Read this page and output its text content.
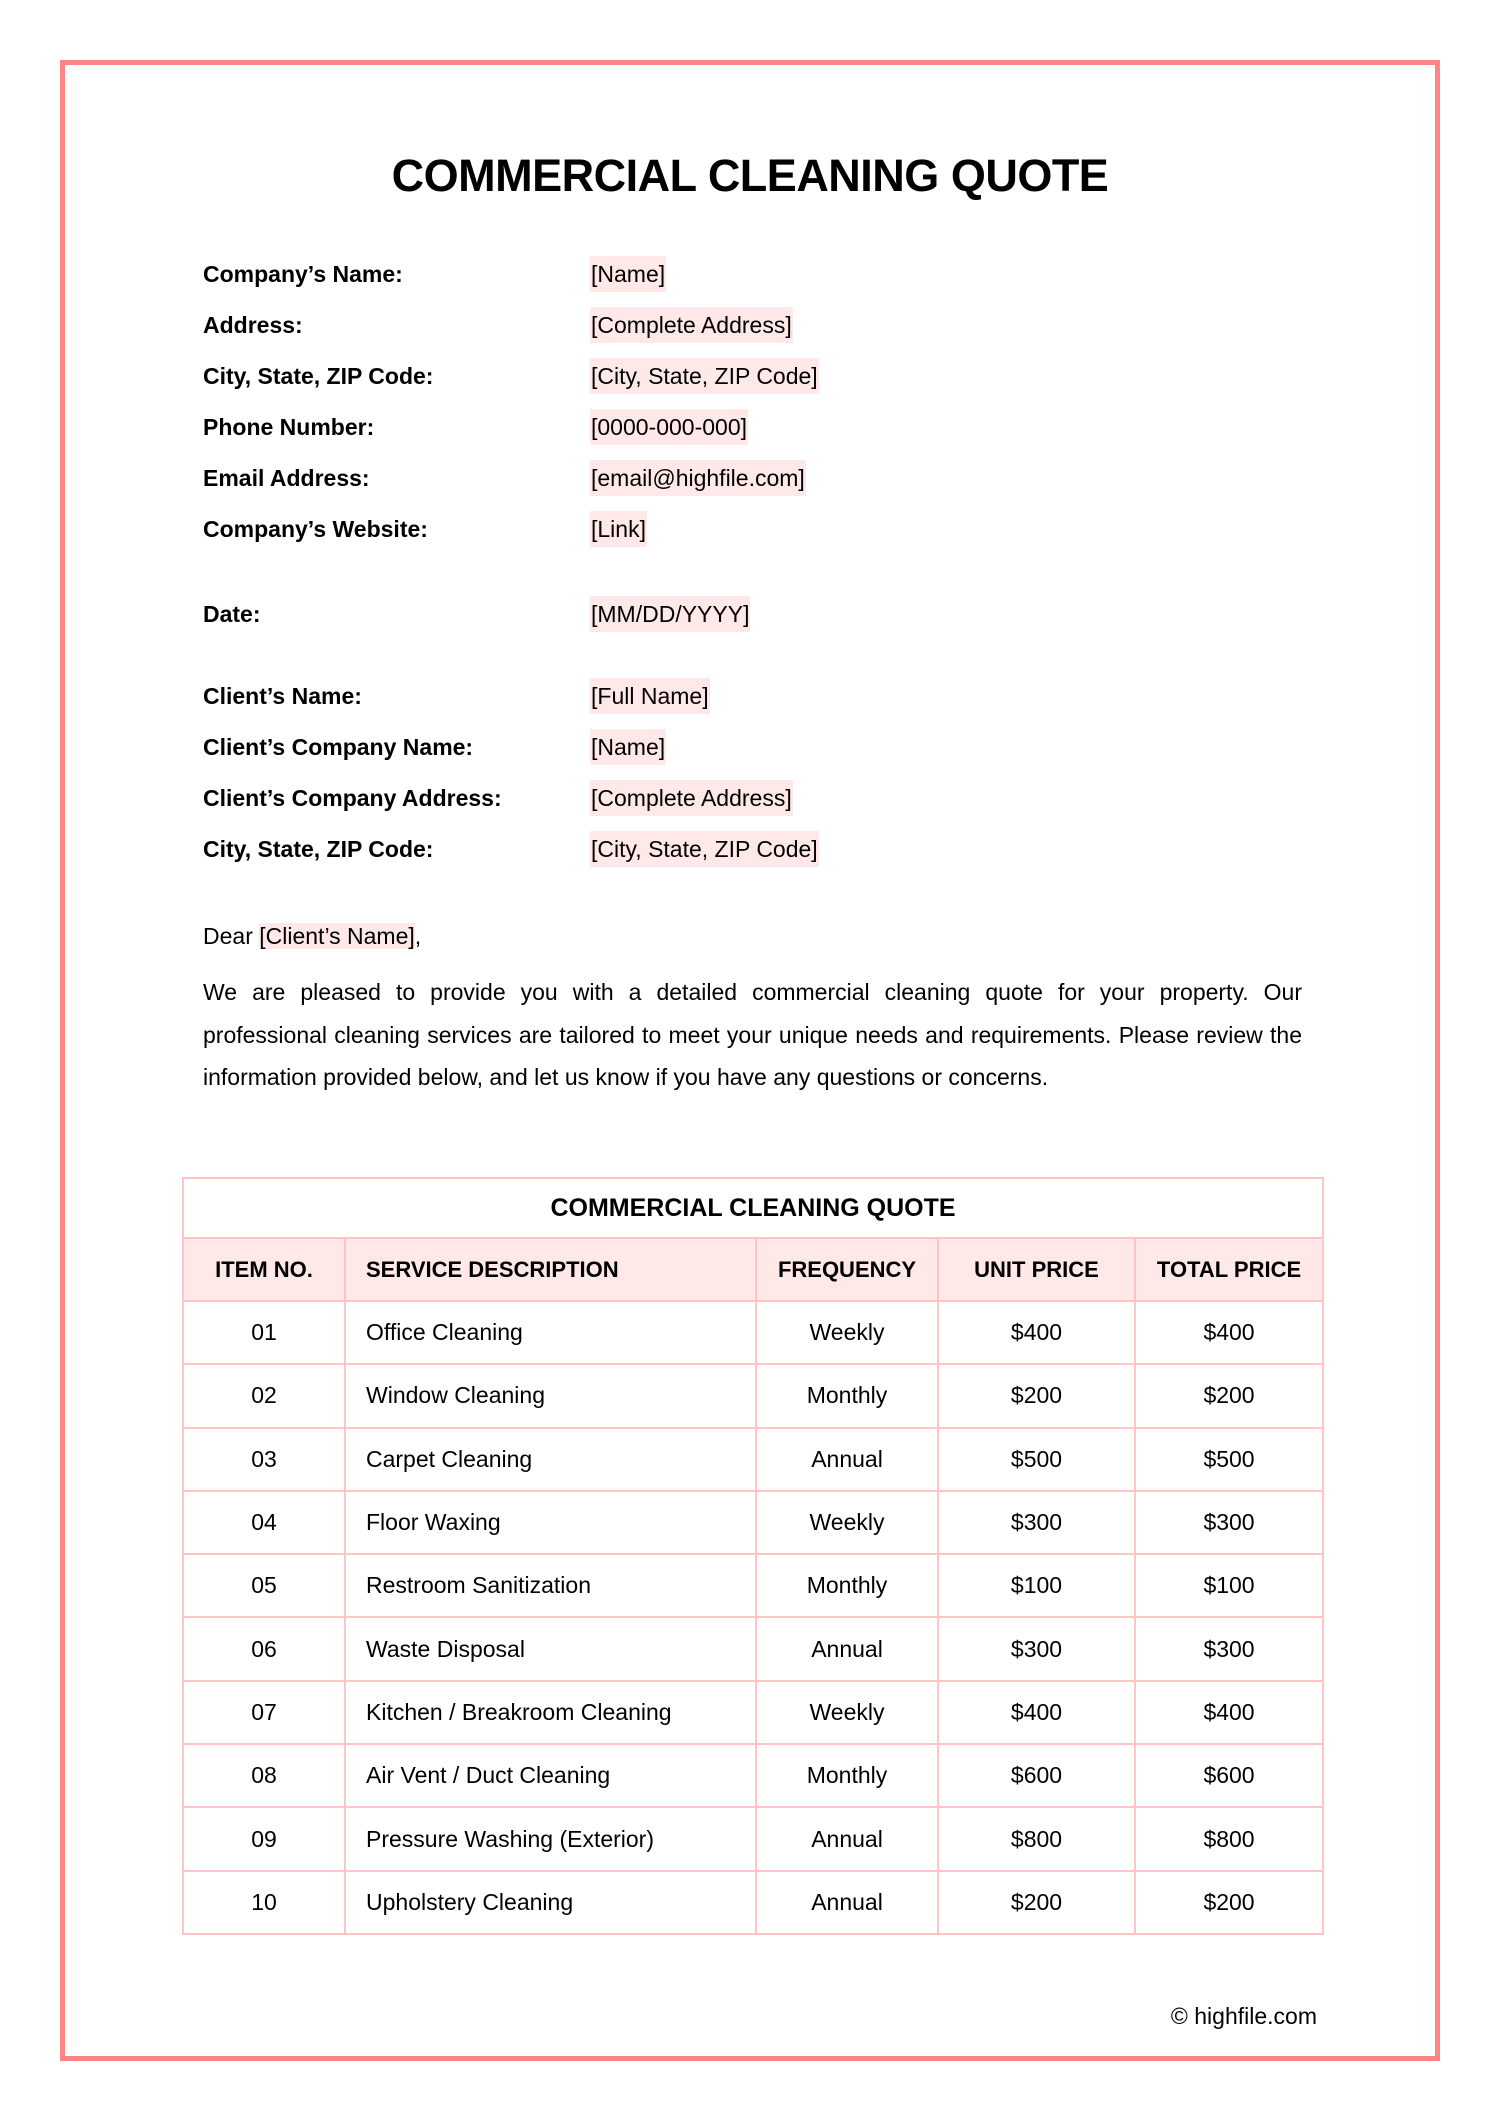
COMMERCIAL CLEANING QUOTE
Company’s Name:	[Name]
Address:	[Complete Address]
City, State, ZIP Code:	[City, State, ZIP Code]
Phone Number:	[0000-000-000]
Email Address:	[email@highfile.com]
Company’s Website:	[Link]
Date:	[MM/DD/YYYY]
Client’s Name:	[Full Name]
Client’s Company Name:	[Name]
Client’s Company Address:	[Complete Address]
City, State, ZIP Code:	[City, State, ZIP Code]
Dear [Client’s Name],

We are pleased to provide you with a detailed commercial cleaning quote for your property. Our professional cleaning services are tailored to meet your unique needs and requirements. Please review the information provided below, and let us know if you have any questions or concerns.

COMMERCIAL CLEANING QUOTE				
ITEM NO.	SERVICE DESCRIPTION	FREQUENCY	UNIT PRICE	TOTAL PRICE
01	Office Cleaning	Weekly	$400	$400
02	Window Cleaning	Monthly	$200	$200
03	Carpet Cleaning	Annual	$500	$500
04	Floor Waxing	Weekly	$300	$300
05	Restroom Sanitization	Monthly	$100	$100
06	Waste Disposal	Annual	$300	$300
07	Kitchen / Breakroom Cleaning	Weekly	$400	$400
08	Air Vent / Duct Cleaning	Monthly	$600	$600
09	Pressure Washing (Exterior)	Annual	$800	$800
10	Upholstery Cleaning	Annual	$200	$200
© highfile.com
